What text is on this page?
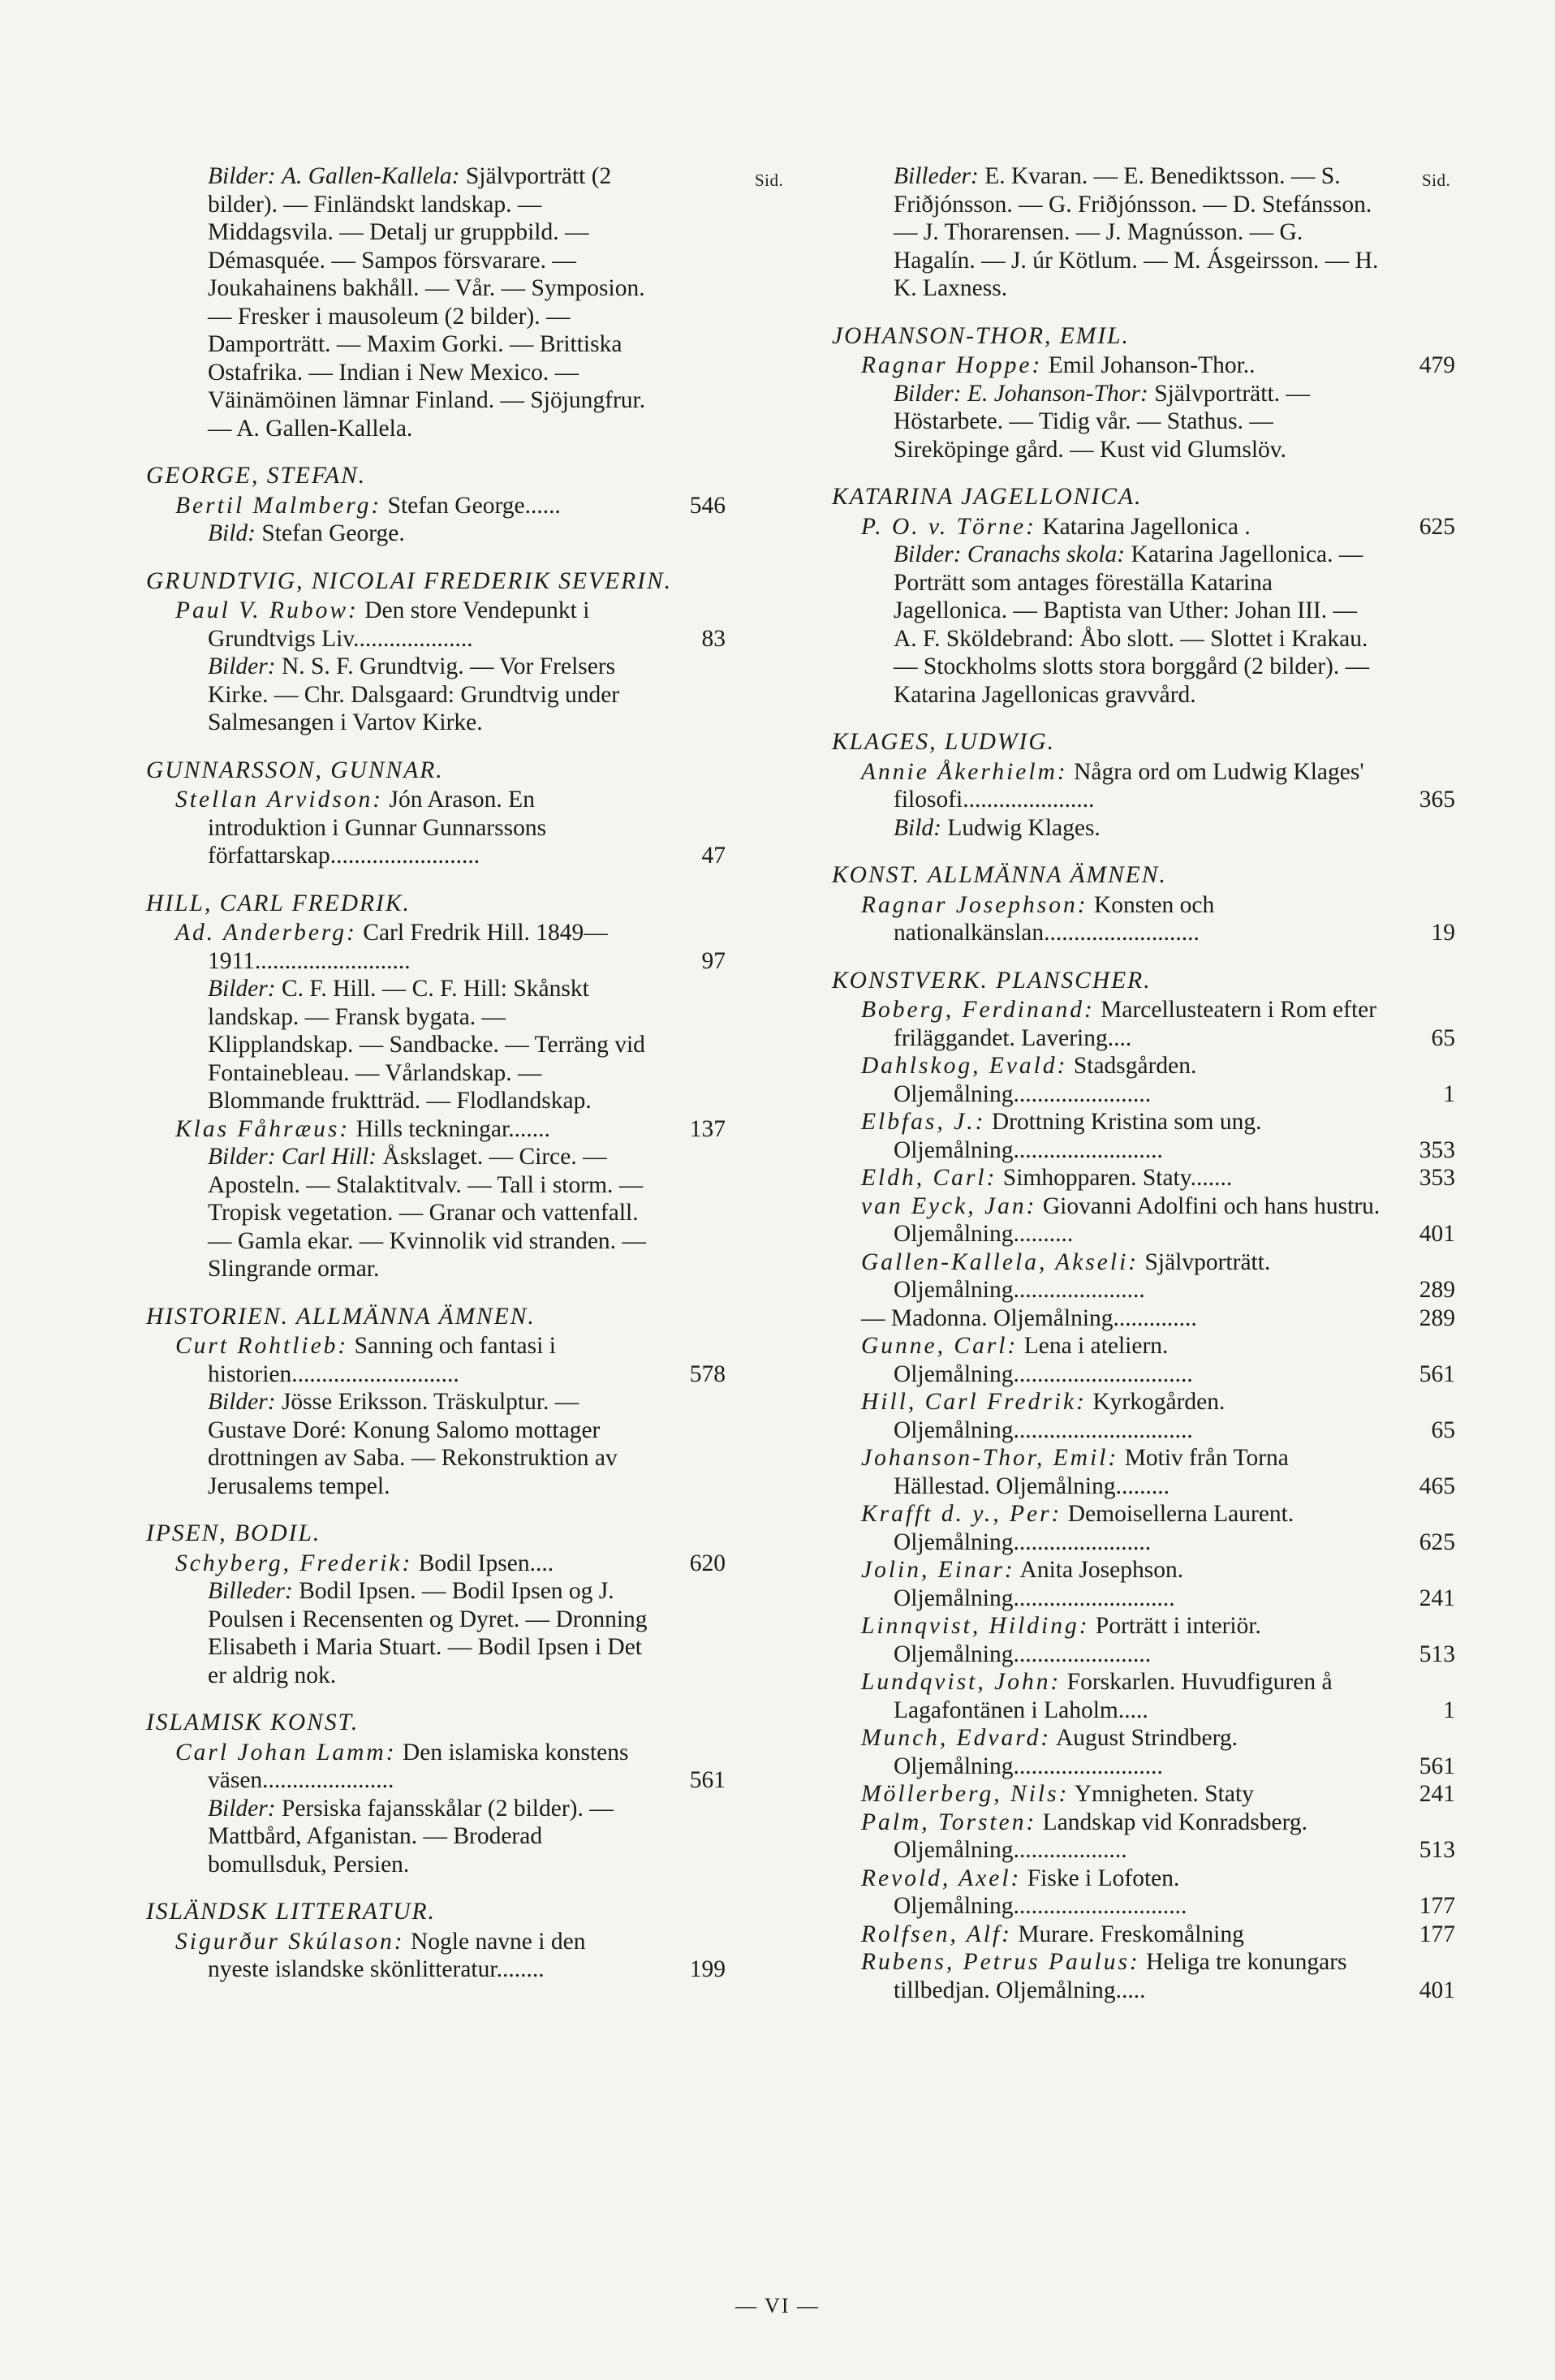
Sid.	Sid.

Bilder: A. Gallen-Kallela: Självporträtt (2 bilder). — Finländskt landskap. — Middagsvila. — Detalj ur gruppbild. — Démasquée. — Sampos försvarare. — Joukahainens bakhåll. — Vår. — Symposion. — Fresker i mausoleum (2 bilder). — Damporträtt. — Maxim Gorki. — Brittiska Ostafrika. — Indian i New Mexico. — Väinämöinen lämnar Finland. — Sjöjungfrur. — A. Gallen-Kallela.

GEORGE, STEFAN.

Bertil Malmberg: Stefan George......	546

Bild: Stefan George.

GRUNDTVIG, NICOLAI FREDERIK SEVERIN.

Paul V. Rubow: Den store Vendepunkt i Grundtvigs Liv....................	83

Bilder: N. S. F. Grundtvig. — Vor Frelsers Kirke. — Chr. Dalsgaard: Grundtvig under Salmesangen i Vartov Kirke.

GUNNARSSON, GUNNAR.

Stellan Arvidson: Jón Arason. En introduktion i Gunnar Gunnarssons författarskap.........................	47

HILL, CARL FREDRIK.

Ad. Anderberg: Carl Fredrik Hill. 1849—1911..........................	97

Bilder: C. F. Hill. — C. F. Hill: Skånskt landskap. — Fransk bygata. — Klipplandskap. — Sandbacke. — Terräng vid Fontainebleau. — Vårlandskap. — Blommande fruktträd. — Flodlandskap.

Klas Fåhræus: Hills teckningar.......	137

Bilder: Carl Hill: Åskslaget. — Circe. — Aposteln. — Stalaktitvalv. — Tall i storm. — Tropisk vegetation. — Granar och vattenfall. — Gamla ekar. — Kvinnolik vid stranden. — Slingrande ormar.

HISTORIEN. ALLMÄNNA ÄMNEN.

Curt Rohtlieb: Sanning och fantasi i historien............................	578

Bilder: Jösse Eriksson. Träskulptur. — Gustave Doré: Konung Salomo mottager drottningen av Saba. — Rekonstruktion av Jerusalems tempel.

IPSEN, BODIL.

Schyberg, Frederik: Bodil Ipsen....	620

Billeder: Bodil Ipsen. — Bodil Ipsen og J. Poulsen i Recensenten og Dyret. — Dronning Elisabeth i Maria Stuart. — Bodil Ipsen i Det er aldrig nok.

ISLAMISK KONST.

Carl Johan Lamm: Den islamiska konstens väsen......................	561

Bilder: Persiska fajansskålar (2 bilder). — Mattbård, Afganistan. — Broderad bomullsduk, Persien.

ISLÄNDSK LITTERATUR.

Sigurður Skúlason: Nogle navne i den nyeste islandske skönlitteratur........	199

Billeder: E. Kvaran. — E. Benediktsson. — S. Friðjónsson. — G. Friðjónsson. — D. Stefánsson. — J. Thorarensen. — J. Magnússon. — G. Hagalín. — J. úr Kötlum. — M. Ásgeirsson. — H. K. Laxness.

JOHANSON-THOR, EMIL.

Ragnar Hoppe: Emil Johanson-Thor..	479

Bilder: E. Johanson-Thor: Självporträtt. — Höstarbete. — Tidig vår. — Stathus. — Sireköpinge gård. — Kust vid Glumslöv.

KATARINA JAGELLONICA.

P. O. v. Törne: Katarina Jagellonica .	625

Bilder: Cranachs skola: Katarina Jagellonica. — Porträtt som antages föreställa Katarina Jagellonica. — Baptista van Uther: Johan III. — A. F. Sköldebrand: Åbo slott. — Slottet i Krakau. — Stockholms slotts stora borggård (2 bilder). — Katarina Jagellonicas gravvård.

KLAGES, LUDWIG.

Annie Åkerhielm: Några ord om Ludwig Klages' filosofi......................	365

Bild: Ludwig Klages.

KONST. ALLMÄNNA ÄMNEN.

Ragnar Josephson: Konsten och nationalkänslan..........................	19

KONSTVERK. PLANSCHER.

Boberg, Ferdinand: Marcellusteatern i Rom efter friläggandet. Lavering....	65

Dahlskog, Evald: Stadsgården. Oljemålning.......................	1

Elbfas, J.: Drottning Kristina som ung. Oljemålning.........................	353

Eldh, Carl: Simhopparen. Staty.......	353

van Eyck, Jan: Giovanni Adolfini och hans hustru. Oljemålning..........	401

Gallen-Kallela, Akseli: Självporträtt. Oljemålning......................	289

— Madonna. Oljemålning..............	289

Gunne, Carl: Lena i ateliern. Oljemålning..............................	561

Hill, Carl Fredrik: Kyrkogården. Oljemålning..............................	65

Johanson-Thor, Emil: Motiv från Torna Hällestad. Oljemålning.........	465

Krafft d. y., Per: Demoisellerna Laurent. Oljemålning.......................	625

Jolin, Einar: Anita Josephson. Oljemålning...........................	241

Linnqvist, Hilding: Porträtt i interiör. Oljemålning.......................	513

Lundqvist, John: Forskarlen. Huvudfiguren å Lagafontänen i Laholm.....	1

Munch, Edvard: August Strindberg. Oljemålning.........................	561

Möllerberg, Nils: Ymnigheten. Staty	241

Palm, Torsten: Landskap vid Konradsberg. Oljemålning...................	513

Revold, Axel: Fiske i Lofoten. Oljemålning.............................	177

Rolfsen, Alf: Murare. Freskomålning	177

Rubens, Petrus Paulus: Heliga tre konungars tillbedjan. Oljemålning.....	401

— VI —
